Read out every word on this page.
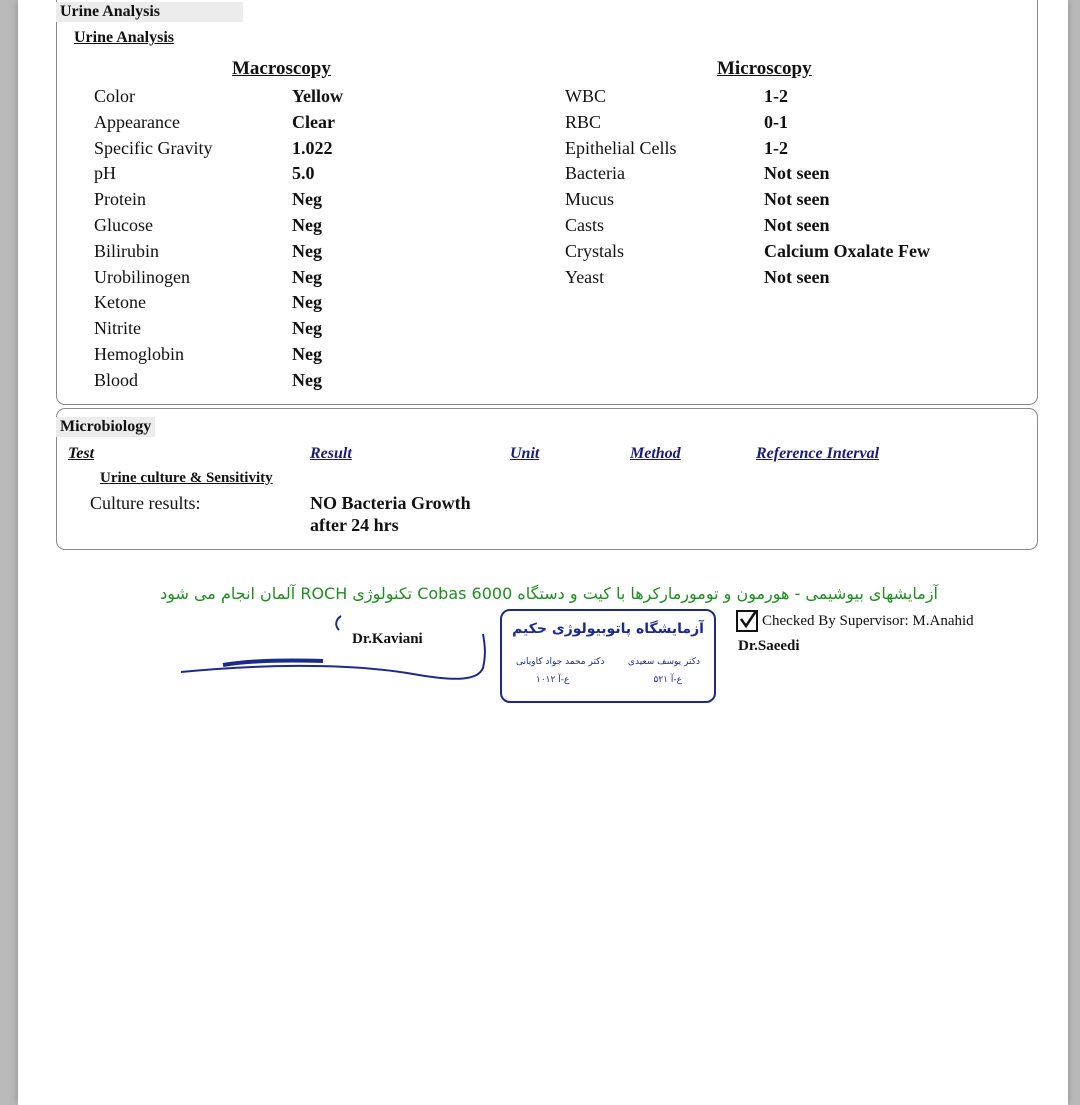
Urine Analysis
Urine Analysis
Macroscopy	Microscopy
Color	Yellow
Appearance	Clear
Specific Gravity	1.022
pH	5.0
Protein	Neg
Glucose	Neg
Bilirubin	Neg
Urobilinogen	Neg
Ketone	Neg
Nitrite	Neg
Hemoglobin	Neg
Blood	Neg
WBC	1-2
RBC	0-1
Epithelial Cells	1-2
Bacteria	Not seen
Mucus	Not seen
Casts	Not seen
Crystals	Calcium Oxalate Few
Yeast	Not seen
Microbiology
Test	Result	Unit	Method	Reference Interval
Urine culture & Sensitivity
Culture results:	NO Bacteria Growth
after 24 hrs
آزمایشهای بیوشیمی - هورمون و تومورمارکرها با کیت و دستگاه Cobas 6000 تکنولوژی ROCH آلمان انجام می شود
Dr.Kaviani
آزمایشگاه پاتوبیولوژی حکیم
دکتر یوسف سعیدی
دکتر محمد جواد کاویانی
ع-آ ۵۲۱
ع-آ ۱۰۱۲
Checked By Supervisor: M.Anahid
Dr.Saeedi
